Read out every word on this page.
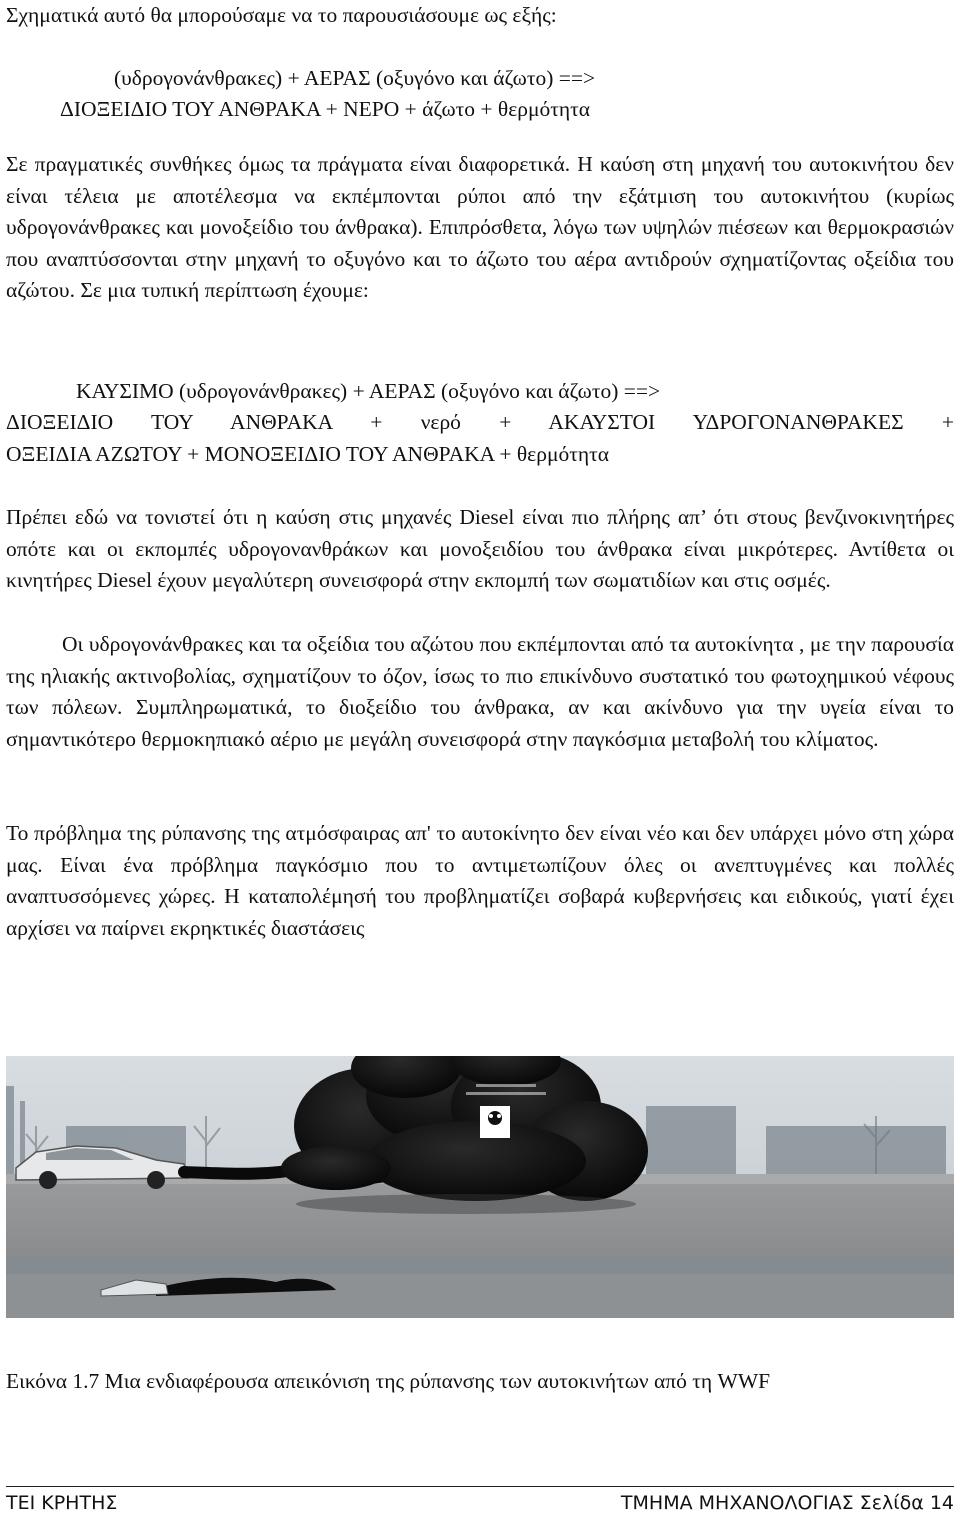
Σχηματικά αυτό θα μπορούσαμε να το παρουσιάσουμε ως εξής:

(υδρογονάνθρακες) + ΑΕΡΑΣ (οξυγόνο και άζωτο) ==>
ΔΙΟΞΕΙΔΙΟ ΤΟΥ ΑΝΘΡΑΚΑ + ΝΕΡΟ + άζωτο + θερμότητα

Σε πραγματικές συνθήκες όμως τα πράγματα είναι διαφορετικά. Η καύση στη μηχανή του αυτοκινήτου δεν είναι τέλεια με αποτέλεσμα να εκπέμπονται ρύποι από την εξάτμιση του αυτοκινήτου (κυρίως υδρογονάνθρακες και μονοξείδιο του άνθρακα). Επιπρόσθετα, λόγω των υψηλών πιέσεων και θερμοκρασιών που αναπτύσσονται στην μηχανή το οξυγόνο και το άζωτο του αέρα αντιδρούν σχηματίζοντας οξείδια του αζώτου. Σε μια τυπική περίπτωση έχουμε:

ΚΑΥΣΙΜΟ (υδρογονάνθρακες) + ΑΕΡΑΣ (οξυγόνο και άζωτο) ==>
ΔΙΟΞΕΙΔΙΟ ΤΟΥ ΑΝΘΡΑΚΑ + νερό + ΑΚΑΥΣΤΟΙ ΥΔΡΟΓΟΝΑΝΘΡΑΚΕΣ +
ΟΞΕΙΔΙΑ ΑΖΩΤΟΥ + ΜΟΝΟΞΕΙΔΙΟ ΤΟΥ ΑΝΘΡΑΚΑ + θερμότητα

Πρέπει εδώ να τονιστεί ότι η καύση στις μηχανές Diesel είναι πιο πλήρης απ’ ότι στους βενζινοκινητήρες οπότε και οι εκπομπές υδρογονανθράκων και μονοξειδίου του άνθρακα είναι μικρότερες. Αντίθετα οι κινητήρες Diesel έχουν μεγαλύτερη συνεισφορά στην εκπομπή των σωματιδίων και στις οσμές.

Οι υδρογονάνθρακες και τα οξείδια του αζώτου που εκπέμπονται από τα αυτοκίνητα , με την παρουσία της ηλιακής ακτινοβολίας, σχηματίζουν το όζον, ίσως το πιο επικίνδυνο συστατικό του φωτοχημικού νέφους των πόλεων. Συμπληρωματικά, το διοξείδιο του άνθρακα, αν και ακίνδυνο για την υγεία είναι το σημαντικότερο θερμοκηπιακό αέριο με μεγάλη συνεισφορά στην παγκόσμια μεταβολή του κλίματος.

Το πρόβλημα της ρύπανσης της ατμόσφαιρας απ' το αυτοκίνητο δεν είναι νέο και δεν υπάρχει μόνο στη χώρα μας. Είναι ένα πρόβλημα παγκόσμιο που το αντιμετωπίζουν όλες οι ανεπτυγμένες και πολλές αναπτυσσόμενες χώρες. Η καταπολέμησή του προβληματίζει σοβαρά κυβερνήσεις και ειδικούς, γιατί έχει αρχίσει να παίρνει εκρηκτικές διαστάσεις

Εικόνα 1.7 Μια ενδιαφέρουσα απεικόνιση της ρύπανσης των αυτοκινήτων από τη WWF

ΤΕΙ ΚΡΗΤΗΣ	ΤΜΗΜΑ ΜΗΧΑΝΟΛΟΓΙΑΣ Σελίδα 14
